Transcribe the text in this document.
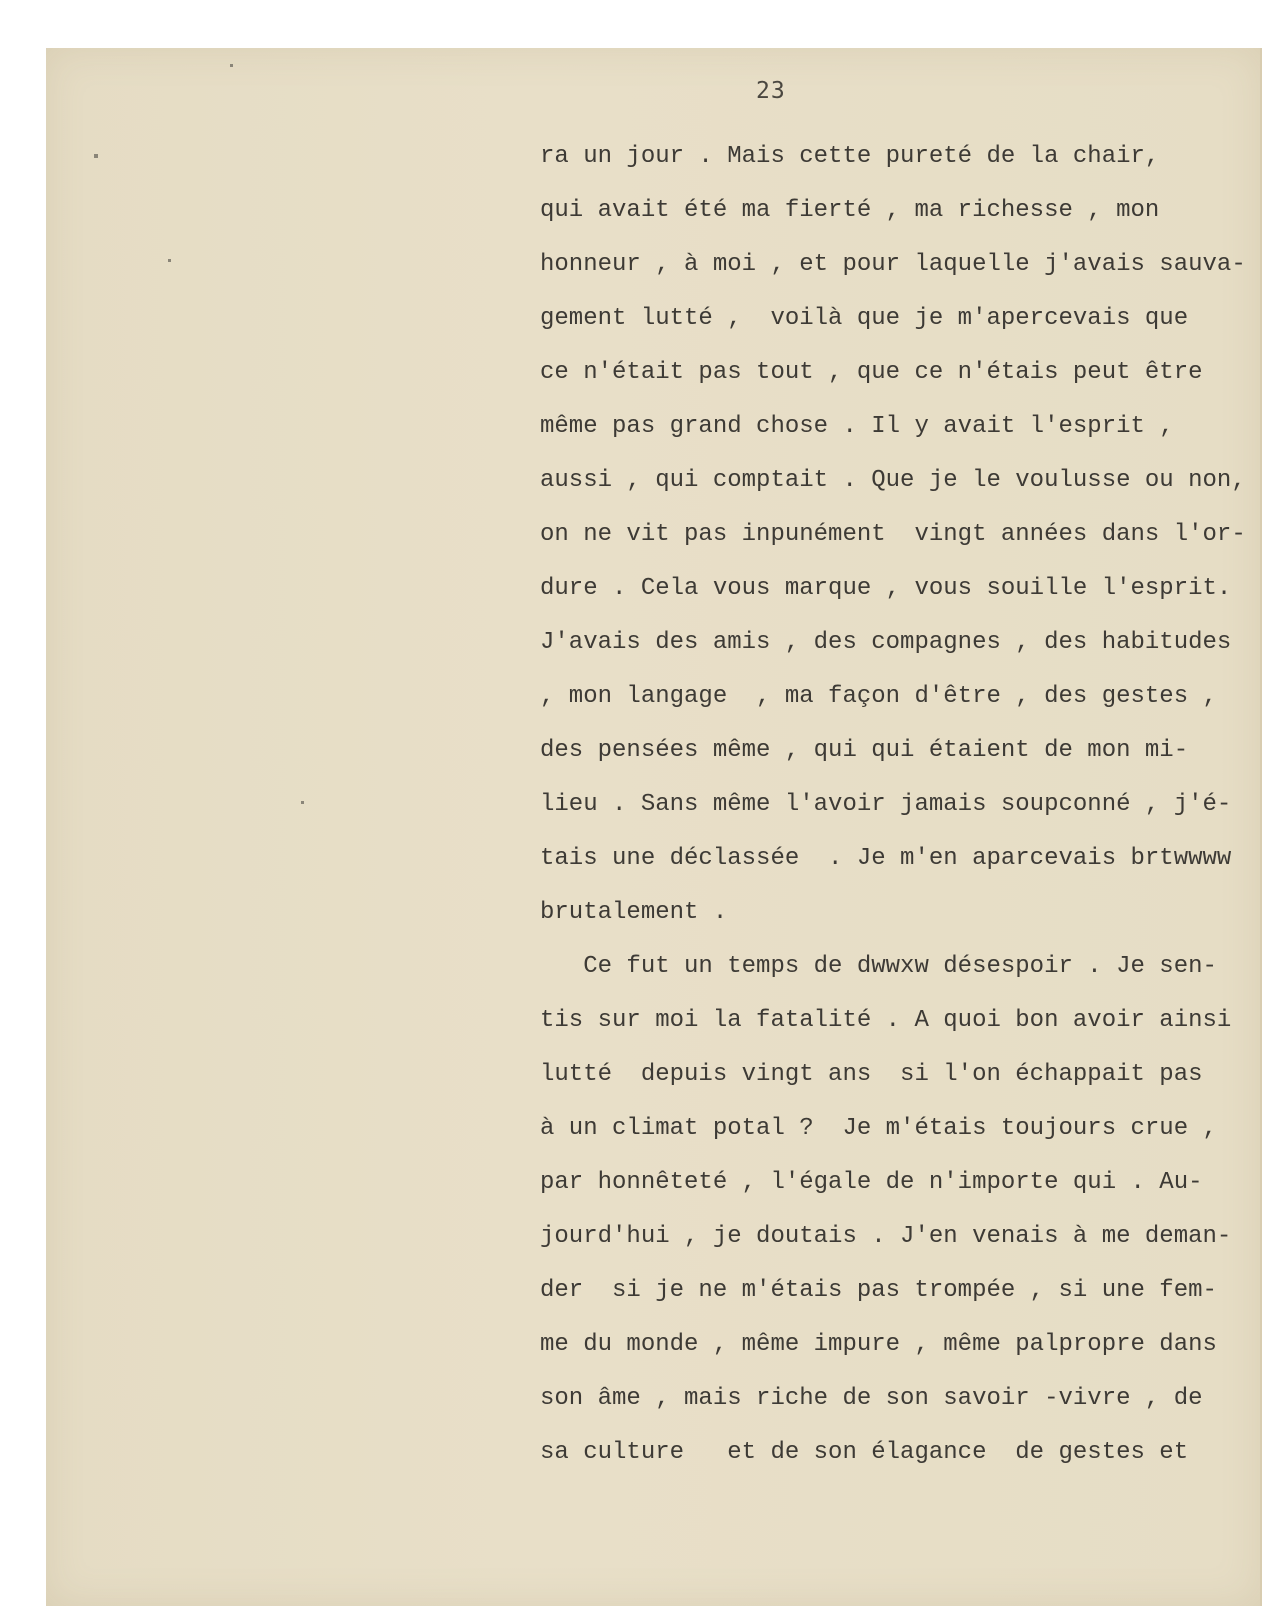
23
ra un jour . Mais cette pureté de la chair,
qui avait été ma fierté , ma richesse , mon
honneur , à moi , et pour laquelle j'avais sauva-
gement lutté ,  voilà que je m'apercevais que
ce n'était pas tout , que ce n'étais peut être
même pas grand chose . Il y avait l'esprit ,
aussi , qui comptait . Que je le voulusse ou non,
on ne vit pas inpunément  vingt années dans l'or-
dure . Cela vous marque , vous souille l'esprit.
J'avais des amis , des compagnes , des habitudes
, mon langage  , ma façon d'être , des gestes ,
des pensées même , qui qui étaient de mon mi-
lieu . Sans même l'avoir jamais soupconné , j'é-
tais une déclassée  . Je m'en aparcevais brtwwww
brutalement .
Ce fut un temps de dwwxw désespoir . Je sen-
tis sur moi la fatalité . A quoi bon avoir ainsi
lutté  depuis vingt ans  si l'on échappait pas
à un climat potal ?  Je m'étais toujours crue ,
par honnêteté , l'égale de n'importe qui . Au-
jourd'hui , je doutais . J'en venais à me deman-
der  si je ne m'étais pas trompée , si une fem-
me du monde , même impure , même palpropre dans
son âme , mais riche de son savoir -vivre , de
sa culture   et de son élagance  de gestes et
